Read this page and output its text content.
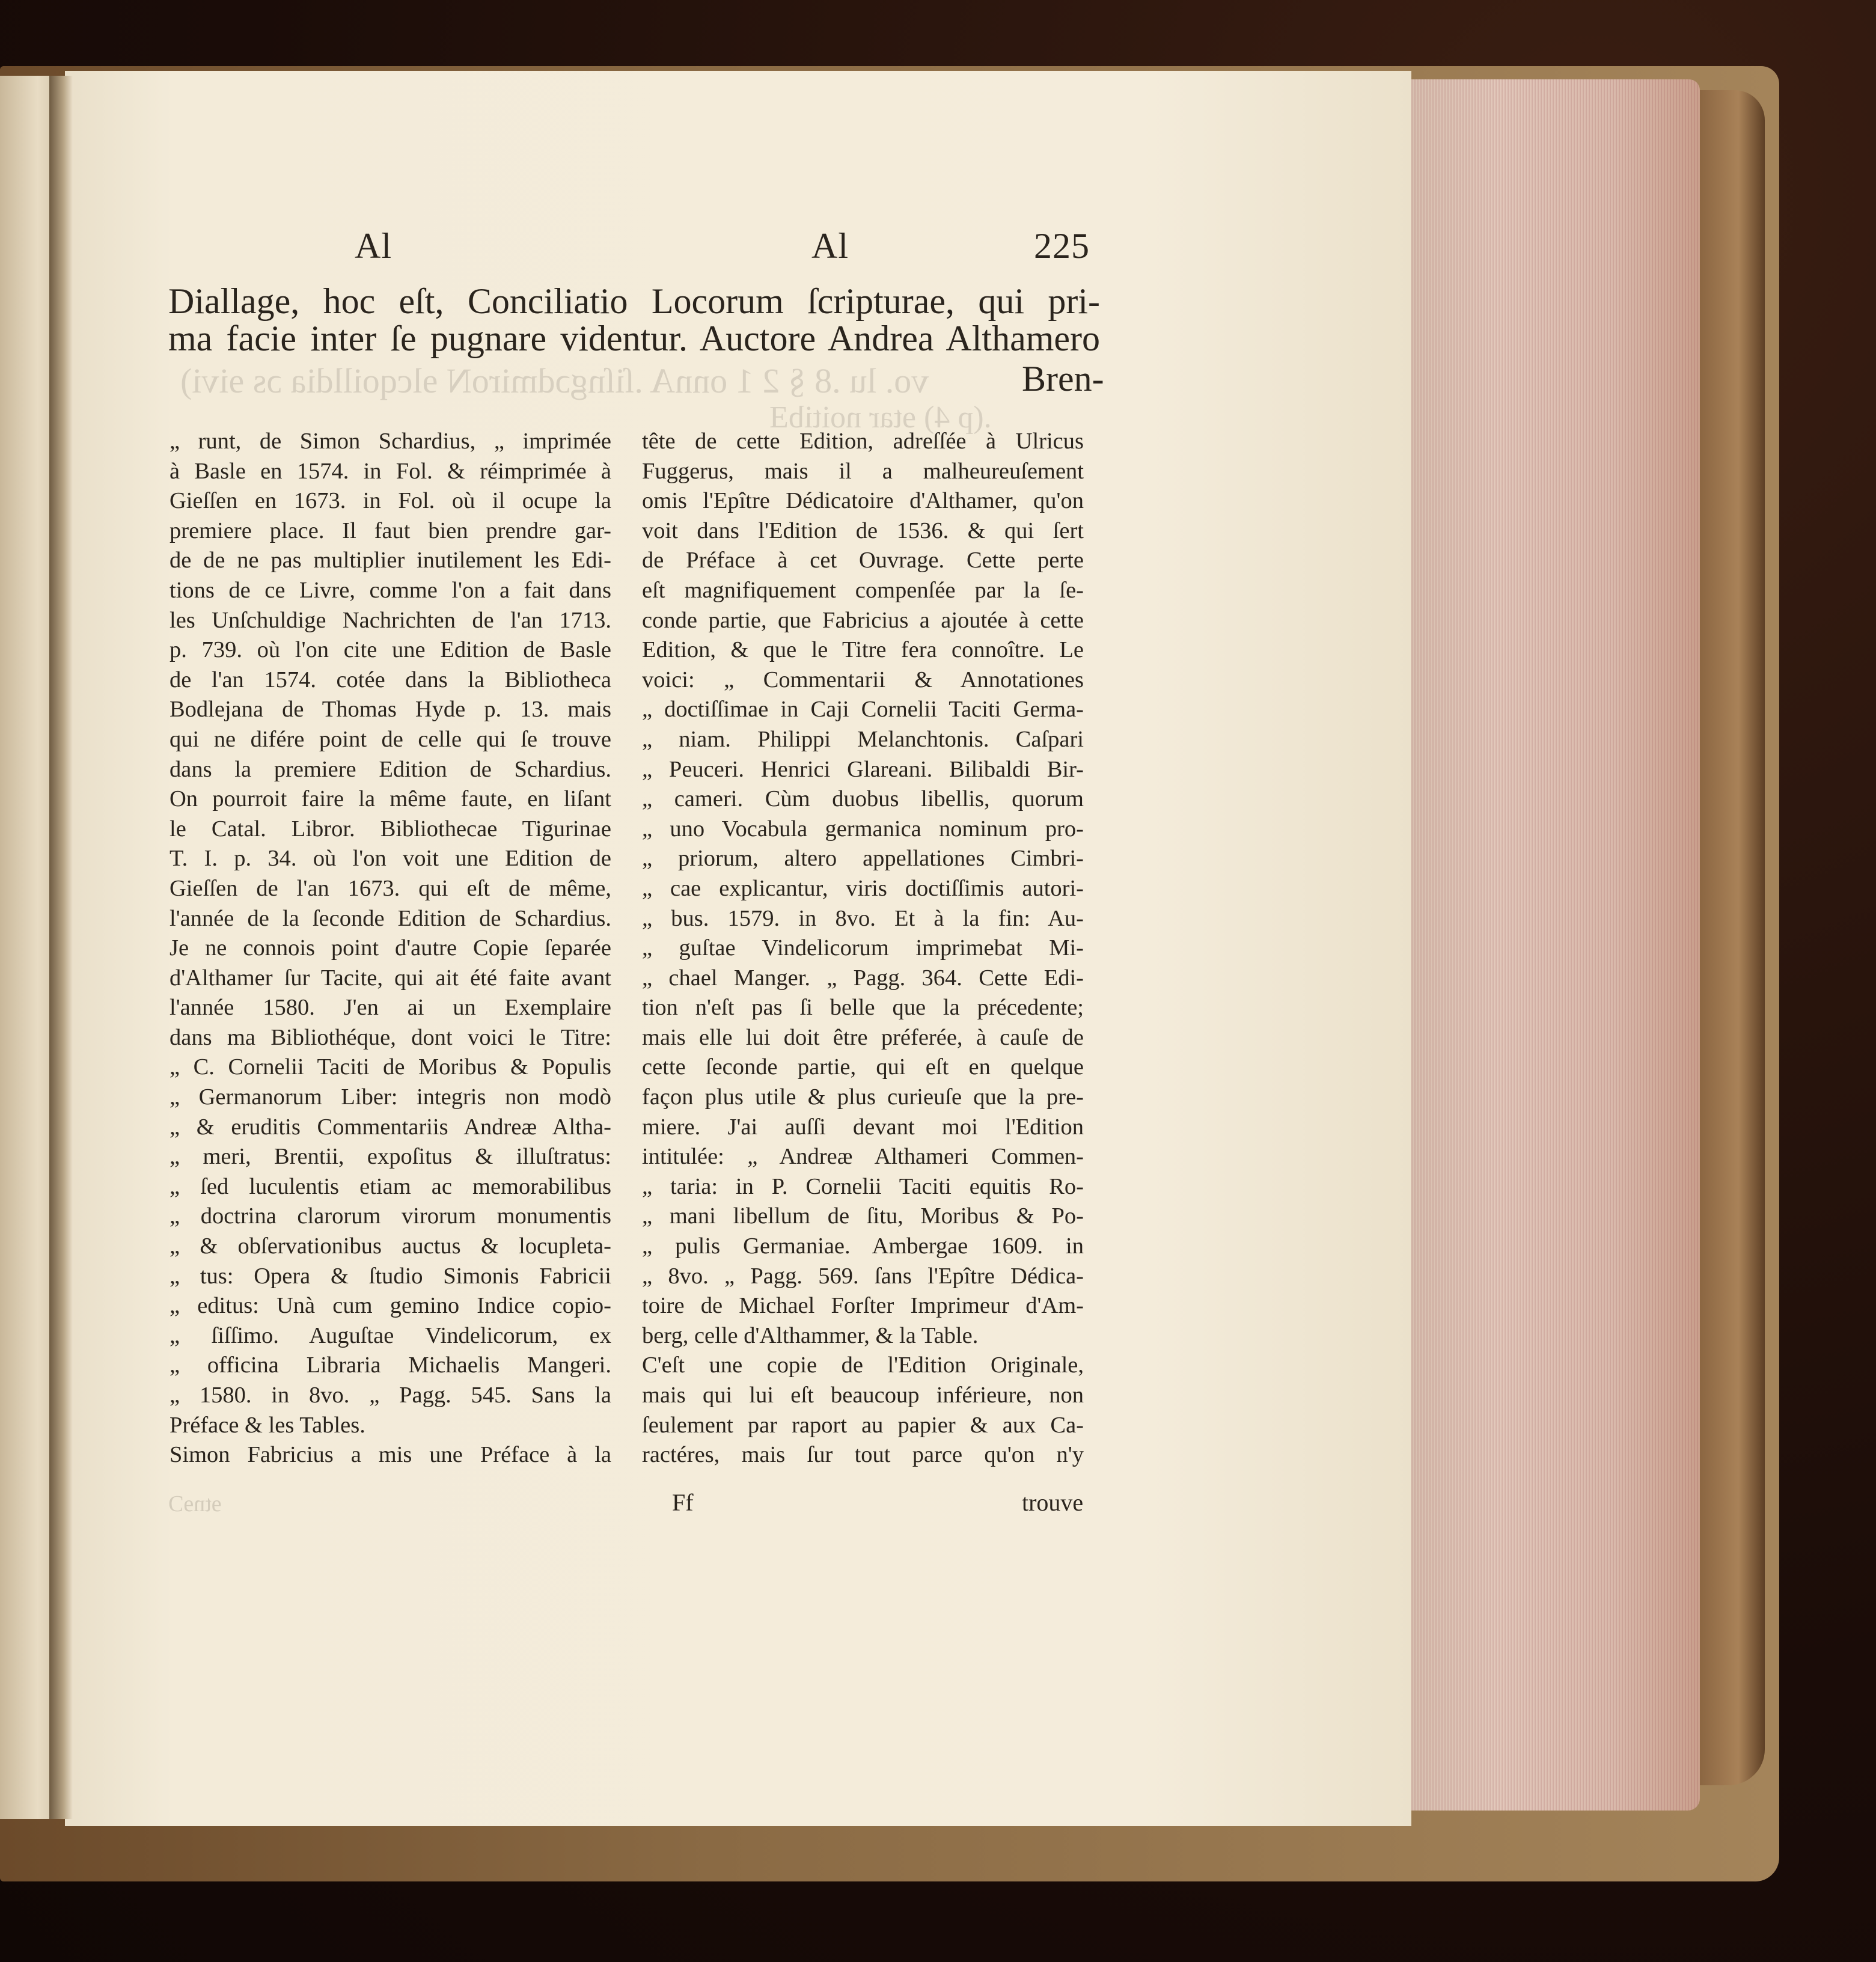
Al	Al	225
vo. lu .8 § 2 1 onnA .ſiſngɔdmiroN ɘlcqoilldia ɔs ɘivi)
.(p 4) ɘtar noitibƎ
Diallage, hoc eſt, Conciliatio Locorum ſcripturae, qui pri-
ma facie inter ſe pugnare videntur. Auctore Andrea Althamero
Bren-
„ runt, de Simon Schardius, „ imprimée
à Basle en 1574. in Fol. & réimprimée à
Gieſſen en 1673. in Fol. où il ocupe la
premiere place. Il faut bien prendre gar-
de de ne pas multiplier inutilement les Edi-
tions de ce Livre, comme l'on a fait dans
les Unſchuldige Nachrichten de l'an 1713.
p. 739. où l'on cite une Edition de Basle
de l'an 1574. cotée dans la Bibliotheca
Bodlejana de Thomas Hyde p. 13. mais
qui ne difére point de celle qui ſe trouve
dans la premiere Edition de Schardius.
On pourroit faire la même faute, en liſant
le Catal. Libror. Bibliothecae Tigurinae
T. I. p. 34. où l'on voit une Edition de
Gieſſen de l'an 1673. qui eſt de même,
l'année de la ſeconde Edition de Schardius.
Je ne connois point d'autre Copie ſeparée
d'Althamer ſur Tacite, qui ait été faite avant
l'année 1580. J'en ai un Exemplaire
dans ma Bibliothéque, dont voici le Titre:
„ C. Cornelii Taciti de Moribus & Populis
„ Germanorum Liber: integris non modò
„ & eruditis Commentariis Andreæ Altha-
„ meri, Brentii, expoſitus & illuſtratus:
„ ſed luculentis etiam ac memorabilibus
„ doctrina clarorum virorum monumentis
„ & obſervationibus auctus & locupleta-
„ tus: Opera & ſtudio Simonis Fabricii
„ editus: Unà cum gemino Indice copio-
„ ſiſſimo. Auguſtae Vindelicorum, ex
„ officina Libraria Michaelis Mangeri.
„ 1580. in 8vo. „ Pagg. 545. Sans la
Préface & les Tables.
Simon Fabricius a mis une Préface à la
tête de cette Edition, adreſſée à Ulricus
Fuggerus, mais il a malheureuſement
omis l'Epître Dédicatoire d'Althamer, qu'on
voit dans l'Edition de 1536. & qui ſert
de Préface à cet Ouvrage. Cette perte
eſt magnifiquement compenſée par la ſe-
conde partie, que Fabricius a ajoutée à cette
Edition, & que le Titre fera connoître. Le
voici: „ Commentarii & Annotationes
„ doctiſſimae in Caji Cornelii Taciti Germa-
„ niam. Philippi Melanchtonis. Caſpari
„ Peuceri. Henrici Glareani. Bilibaldi Bir-
„ cameri. Cùm duobus libellis, quorum
„ uno Vocabula germanica nominum pro-
„ priorum, altero appellationes Cimbri-
„ cae explicantur, viris doctiſſimis autori-
„ bus. 1579. in 8vo. Et à la fin: Au-
„ guſtae Vindelicorum imprimebat Mi-
„ chael Manger. „ Pagg. 364. Cette Edi-
tion n'eſt pas ſi belle que la précedente;
mais elle lui doit être préferée, à cauſe de
cette ſeconde partie, qui eſt en quelque
façon plus utile & plus curieuſe que la pre-
miere. J'ai auſſi devant moi l'Edition
intitulée: „ Andreæ Althameri Commen-
„ taria: in P. Cornelii Taciti equitis Ro-
„ mani libellum de ſitu, Moribus & Po-
„ pulis Germaniae. Ambergae 1609. in
„ 8vo. „ Pagg. 569. ſans l'Epître Dédica-
toire de Michael Forſter Imprimeur d'Am-
berg, celle d'Althammer, & la Table.
C'eſt une copie de l'Edition Originale,
mais qui lui eſt beaucoup inférieure, non
ſeulement par raport au papier & aux Ca-
ractéres, mais ſur tout parce qu'on n'y
ɘtnɘƆ	Ff	trouve
